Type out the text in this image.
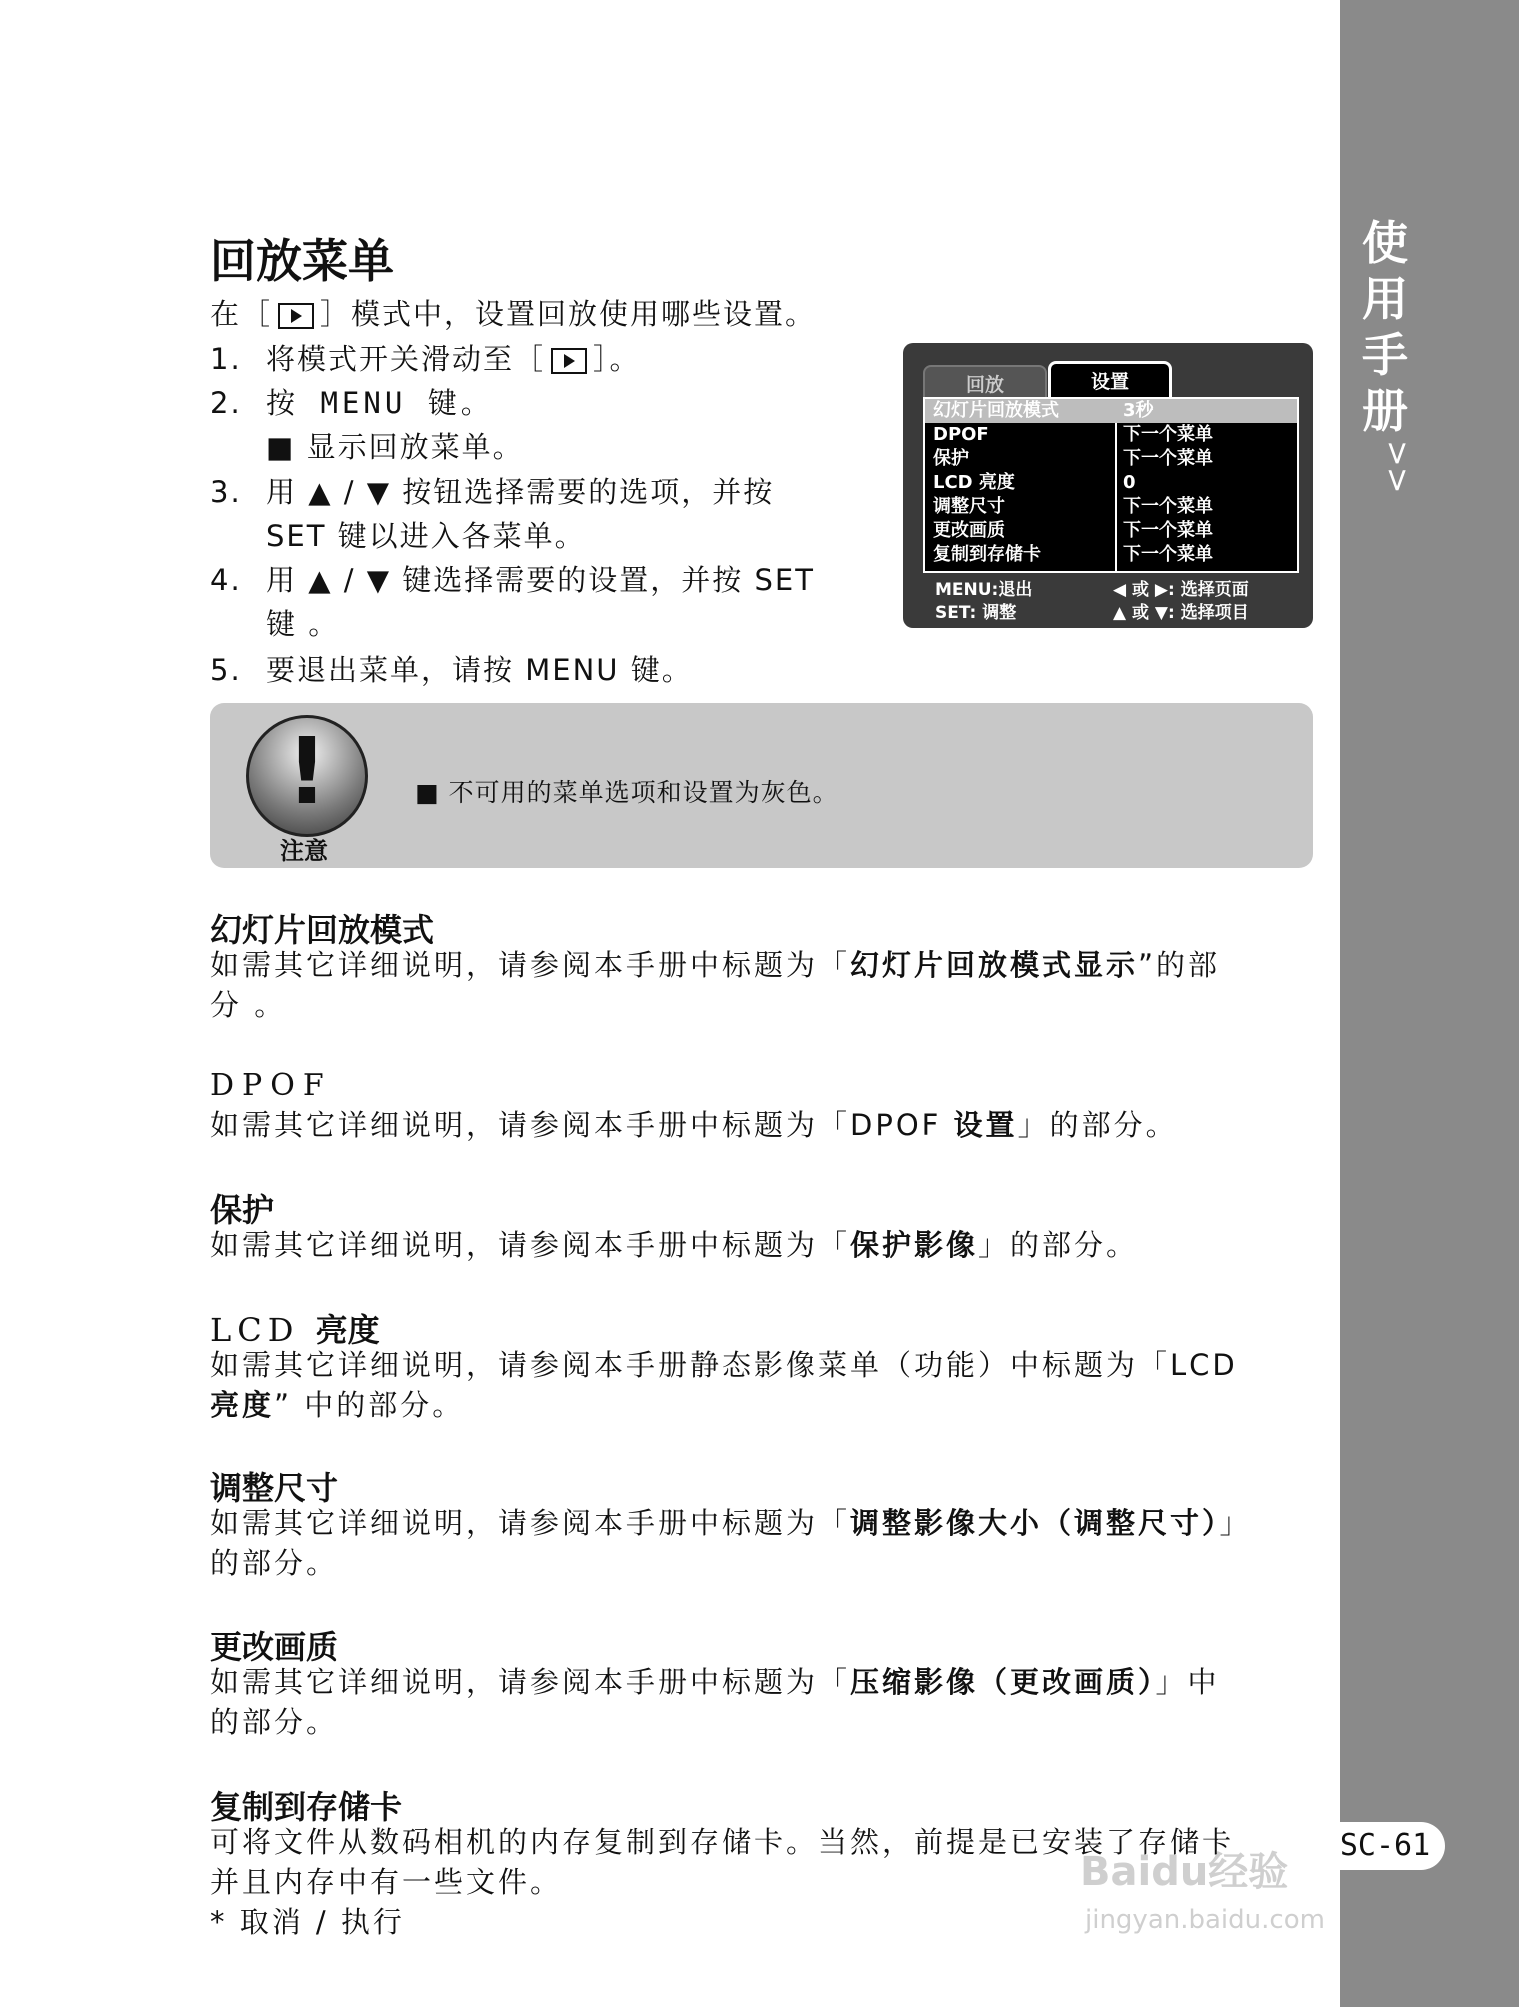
使用手册
>>
SC-61
Baidu经验
jingyan.baidu.com
回放菜单
在［ ］模式中，设置回放使用哪些设置。
1. 将模式开关滑动至［ ］。
2. 按 MENU 键。
■ 显示回放菜单。
3. 用 ▲ / ▼ 按钮选择需要的选项，并按
SET 键以进入各菜单。
4. 用 ▲ / ▼ 键选择需要的设置，并按 SET
键 。
5. 要退出菜单，请按 MENU 键。
回放	设置
幻灯片回放模式	3秒
DPOF	下一个菜单
保护	下一个菜单
LCD 亮度	0
调整尺寸	下一个菜单
更改画质	下一个菜单
复制到存储卡	下一个菜单
MENU:退出
SET: 调整
◀ 或 ▶: 选择页面
▲ 或 ▼: 选择项目
!
注意
■ 不可用的菜单选项和设置为灰色。
幻灯片回放模式
如需其它详细说明，请参阅本手册中标题为「幻灯片回放模式显示”的部
分 。
DPOF
如需其它详细说明，请参阅本手册中标题为「DPOF 设置」的部分。
保护
如需其它详细说明，请参阅本手册中标题为「保护影像」的部分。
LCD 亮度
如需其它详细说明，请参阅本手册静态影像菜单（功能）中标题为「LCD
亮度” 中的部分。
调整尺寸
如需其它详细说明，请参阅本手册中标题为「调整影像大小（调整尺寸）」
的部分。
更改画质
如需其它详细说明，请参阅本手册中标题为「压缩影像（更改画质）」中
的部分。
复制到存储卡
可将文件从数码相机的内存复制到存储卡。当然，前提是已安装了存储卡
并且内存中有一些文件。
* 取消 / 执行
